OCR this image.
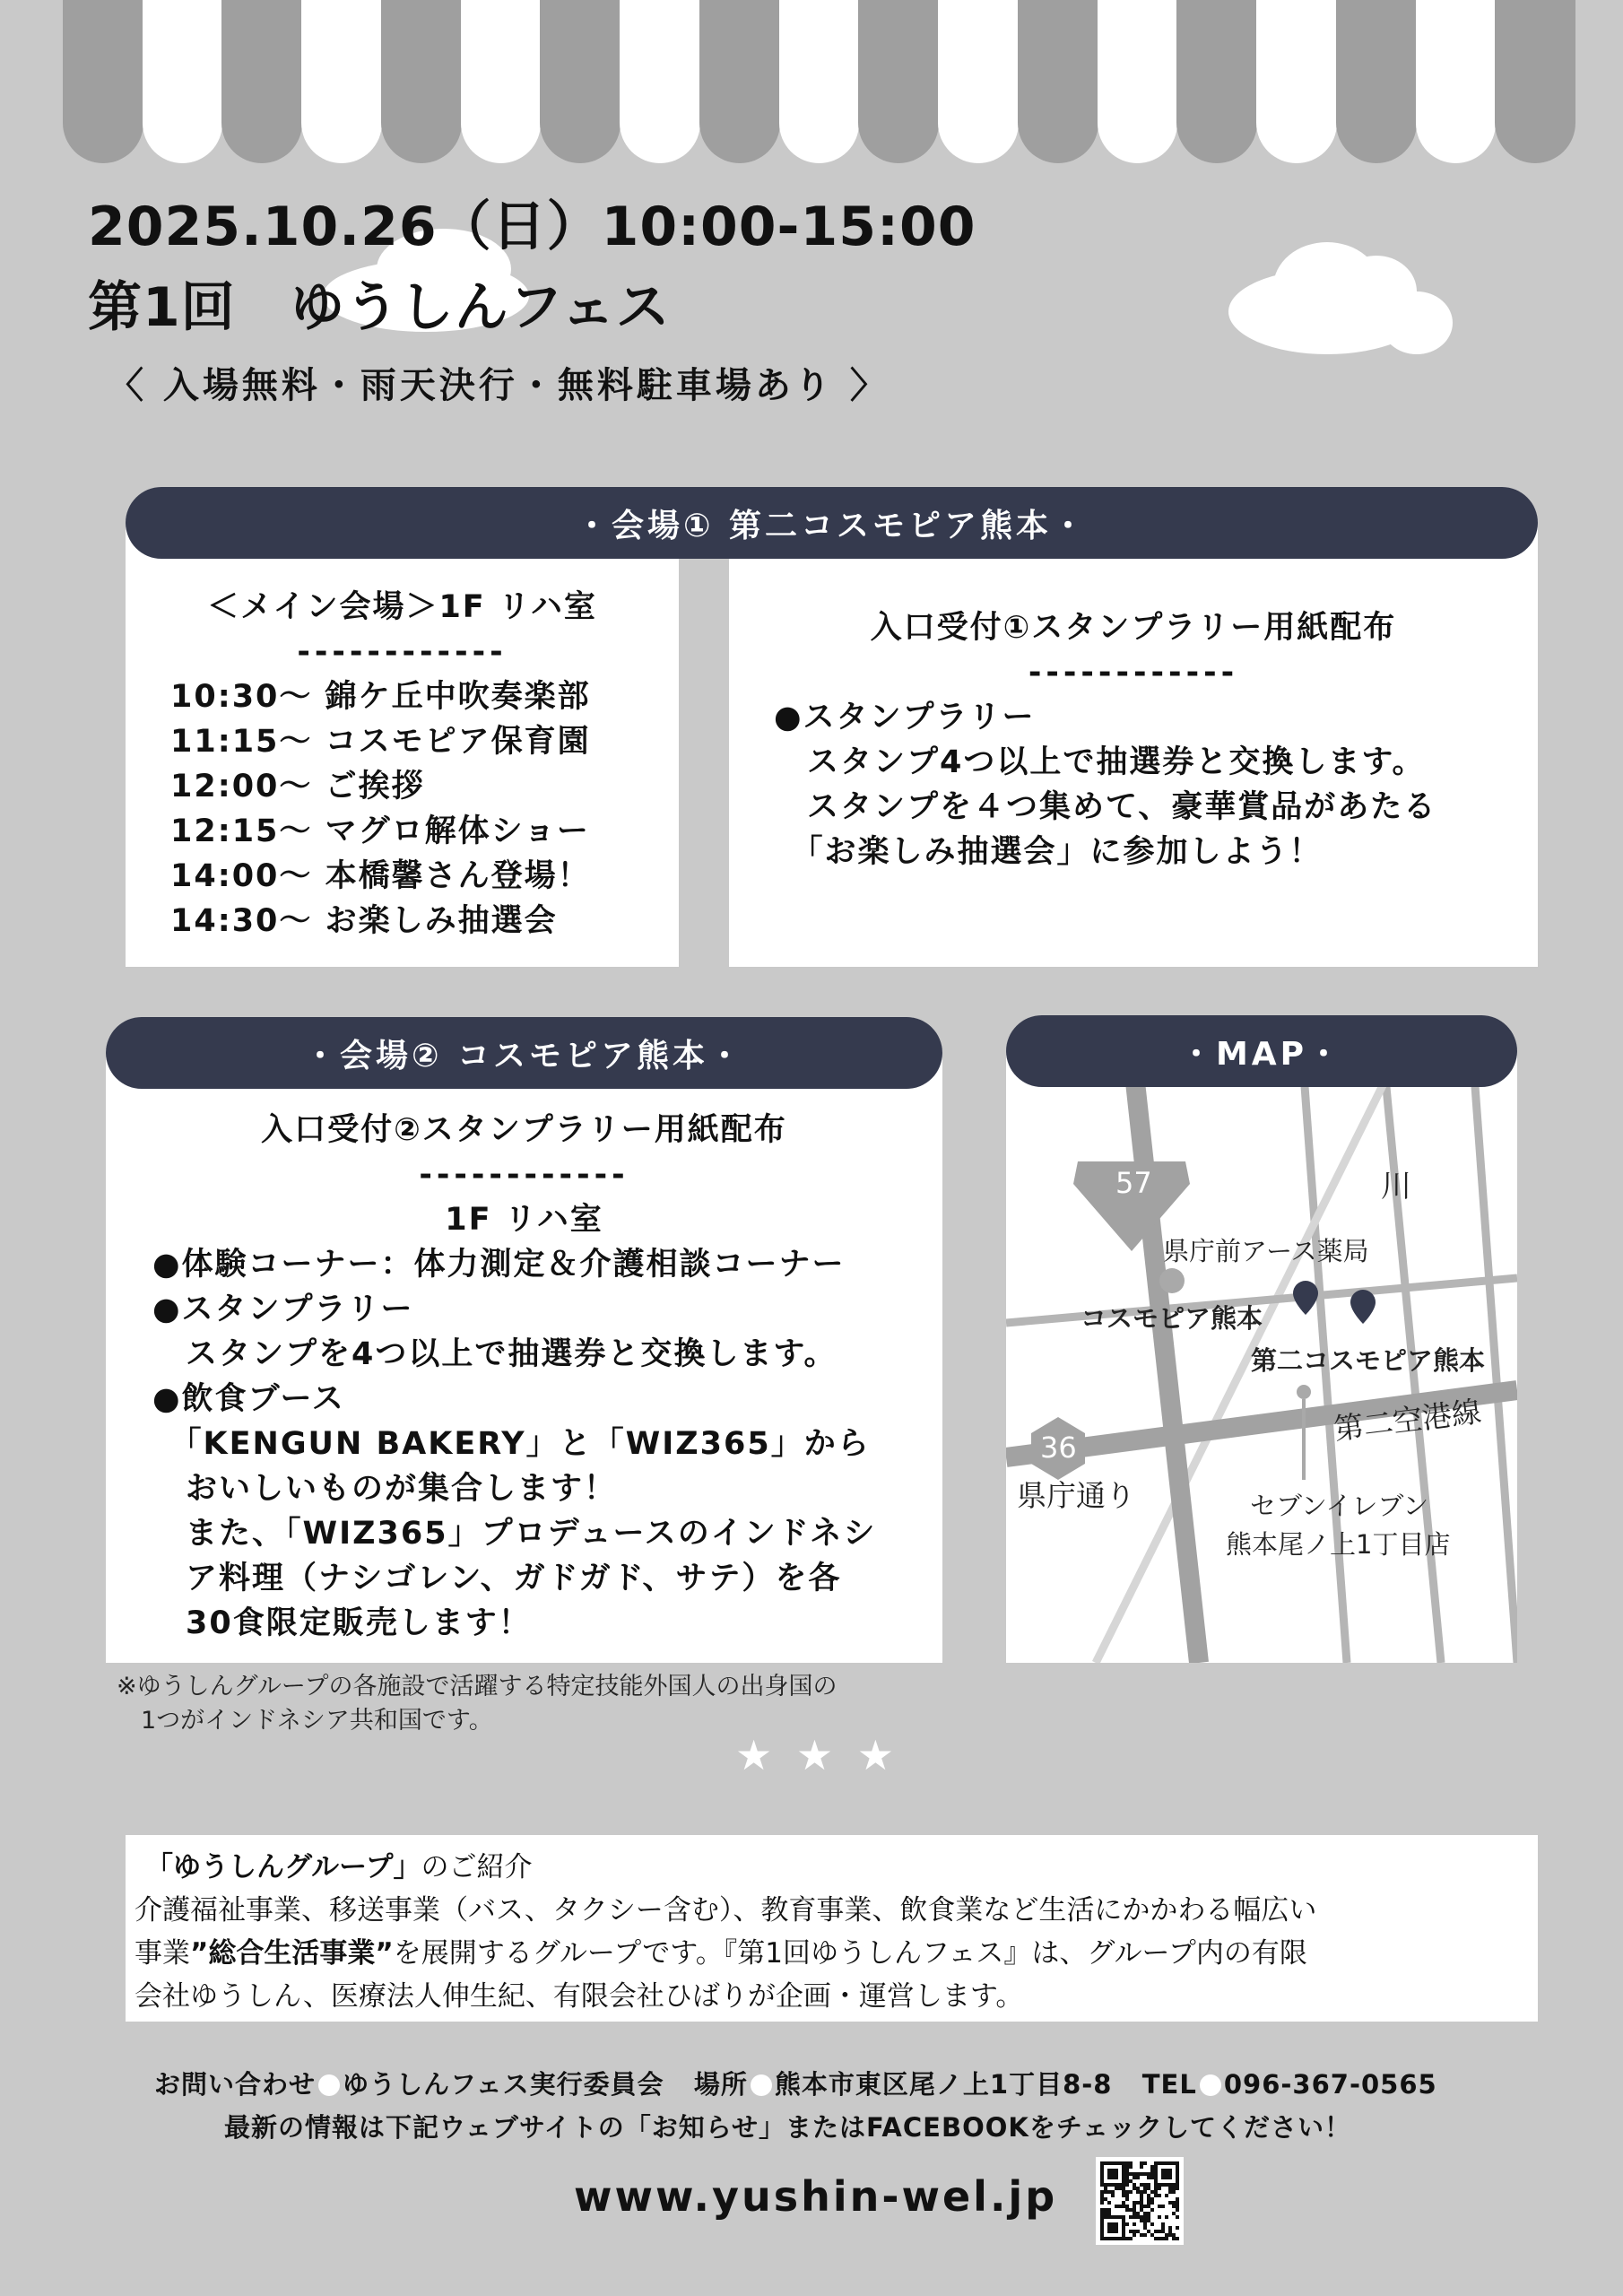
2025.10.26（日）10:00-15:00
第1回　ゆうしんフェス
〈 入場無料・雨天決行・無料駐車場あり 〉
＜メイン会場＞1F リハ室
------------
10:30～ 錦ケ丘中吹奏楽部
11:15～ コスモピア保育園
12:00～ ご挨拶
12:15～ マグロ解体ショー
14:00～ 本橋馨さん登場！
14:30～ お楽しみ抽選会
入口受付①スタンプラリー用紙配布
------------
●スタンプラリー
　スタンプ4つ以上で抽選券と交換します。
　スタンプを４つ集めて、豪華賞品があたる
　「お楽しみ抽選会」に参加しよう！
・会場① 第二コスモピア熊本・
入口受付②スタンプラリー用紙配布
------------
1F リハ室
●体験コーナー：体力測定＆介護相談コーナー
●スタンプラリー
　スタンプを4つ以上で抽選券と交換します。
●飲食ブース
　「KENGUN BAKERY」と「WIZ365」から
　おいしいものが集合します！
　また、「WIZ365」プロデュースのインドネシ
　ア料理（ナシゴレン、ガドガド、サテ）を各
　30食限定販売します！
・会場② コスモピア熊本・
※ゆうしんグループの各施設で活躍する特定技能外国人の出身国の
　1つがインドネシア共和国です。
57
36
川
県庁前アース薬局
コスモピア熊本
第二コスモピア熊本
第二空港線
県庁通り	セブンイレブン
熊本尾ノ上1丁目店
・MAP・
★ ★ ★
「ゆうしんグループ」のご紹介
介護福祉事業、移送事業（バス、タクシー含む）、教育事業、飲食業など生活にかかわる幅広い
事業”総合生活事業”を展開するグループです。『第1回ゆうしんフェス』は、グループ内の有限
会社ゆうしん、医療法人伸生紀、有限会社ひばりが企画・運営します。
お問い合わせ ゆうしんフェス実行委員会 場所 熊本市東区尾ノ上1丁目8-8 TEL 096-367-0565
最新の情報は下記ウェブサイトの「お知らせ」またはFACEBOOKをチェックしてください！
www.yushin-wel.jp
